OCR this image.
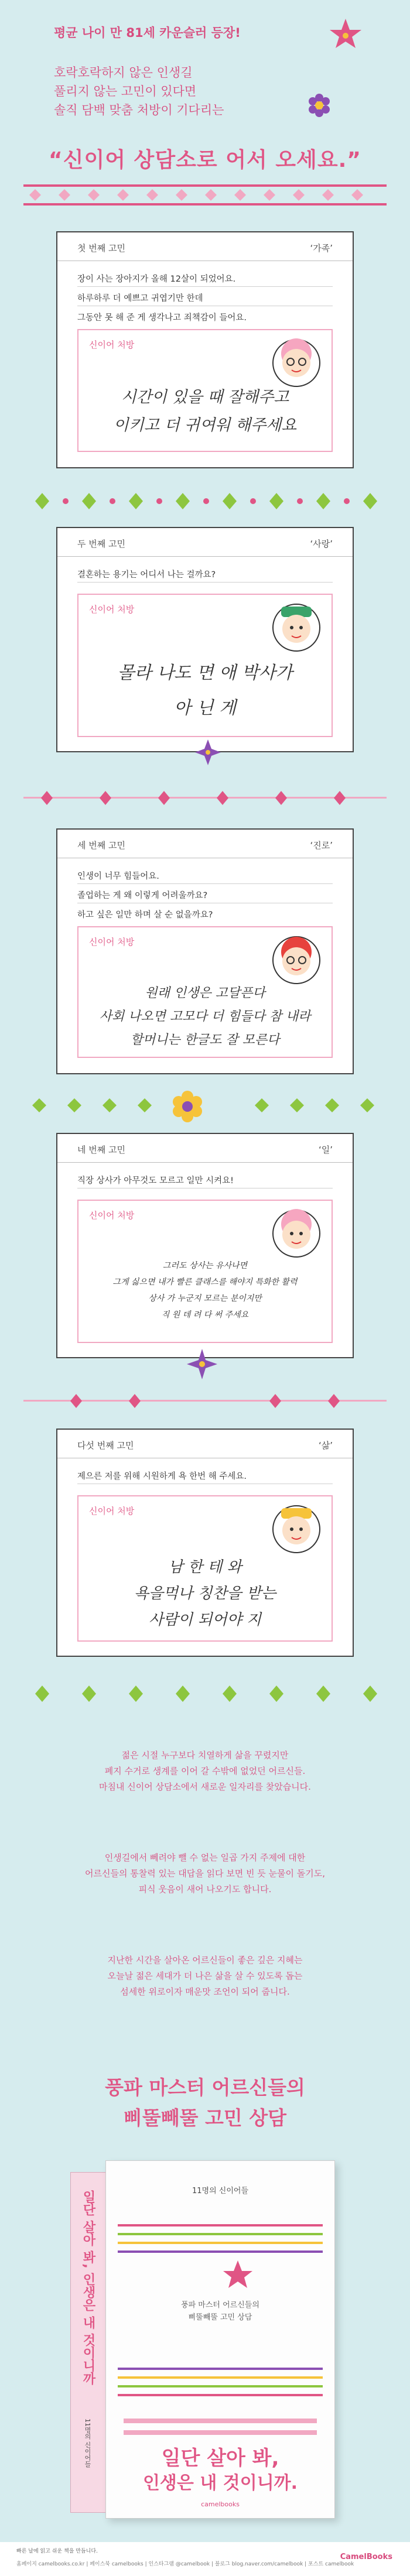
평균 나이 만 81세 카운슬러 등장!
호락호락하지 않은 인생길
풀리지 않는 고민이 있다면
솔직 담백 맞춤 처방이 기다리는
“신이어 상담소로 어서 오세요.”
첫 번째 고민	‘가족’
장이 사는 장아지가 올해 12살이 되었어요.
하루하루 더 예쁘고 귀엽기만 한데
그동안 못 해 준 게 생각나고 죄책감이 들어요.
신이어 처방
시간이 있을 때 잘해주고
이키고 더 귀여워 해주세요
두 번째 고민	‘사랑’
결혼하는 용기는 어디서 나는 걸까요?
신이어 처방
몰라 나도 면 애 박사가
아 닌 게
세 번째 고민	‘진로’
인생이 너무 힘들어요.
졸업하는 게 왜 이렇게 어려울까요?
하고 싶은 일만 하며 살 순 없을까요?
신이어 처방
원래 인생은 고달픈다
사회 나오면 고모다 더 힘들다 참 내라
할머니는 한글도 잘 모른다
네 번째 고민	‘일’
직장 상사가 아무것도 모르고 일만 시켜요!
신이어 처방
그러도 상사는 유사나면
그게 싫으면 내가 빨른 클래스를 해야지 특화한 활력
상사 가 누군지 모르는 분이지만
직 원 데 려 다 써 주세요
다섯 번째 고민	‘삶’
제으른 저를 위해 시원하게 욕 한번 해 주세요.
신이어 처방
남 한 테 와
욕을먹나 칭찬을 받는
사람이 되어야 지
젊은 시절 누구보다 치열하게 삶을 꾸렸지만
폐지 수거로 생계를 이어 갈 수밖에 없었던 어르신들.
마침내 신이어 상담소에서 새로운 일자리를 찾았습니다.
인생길에서 뻬려야 뺄 수 없는 일곱 가지 주제에 대한
어르신들의 통찰력 있는 대답을 읽다 보면 빈 듯 눈물이 돌기도,
피식 웃음이 새어 나오기도 합니다.
지난한 시간을 살아온 어르신들이 좋은 깊은 지혜는
오늘날 젊은 세대가 더 나은 삶을 살 수 있도록 돕는
섬세한 위로이자 매운맛 조언이 되어 줍니다.
풍파 마스터 어르신들의
삐뚤빼뚤 고민 상담
일단 살아 봐, 인생은 내 것이니까
11명의 신이어들
11명의 신이어들
풍파 마스터 어르신들의
삐뚤빼뚤 고민 상담
일단 살아 봐,
인생은 내 것이니까.
camelbooks
빠른 날에 읽고 쉬운 책을 만듭니다.
홈페이지 camelbooks.co.kr | 페이스북 camelbooks | 인스타그램 @camelbook | 블로그 blog.naver.com/camelbook | 포스트 camelbook
CamelBooks
